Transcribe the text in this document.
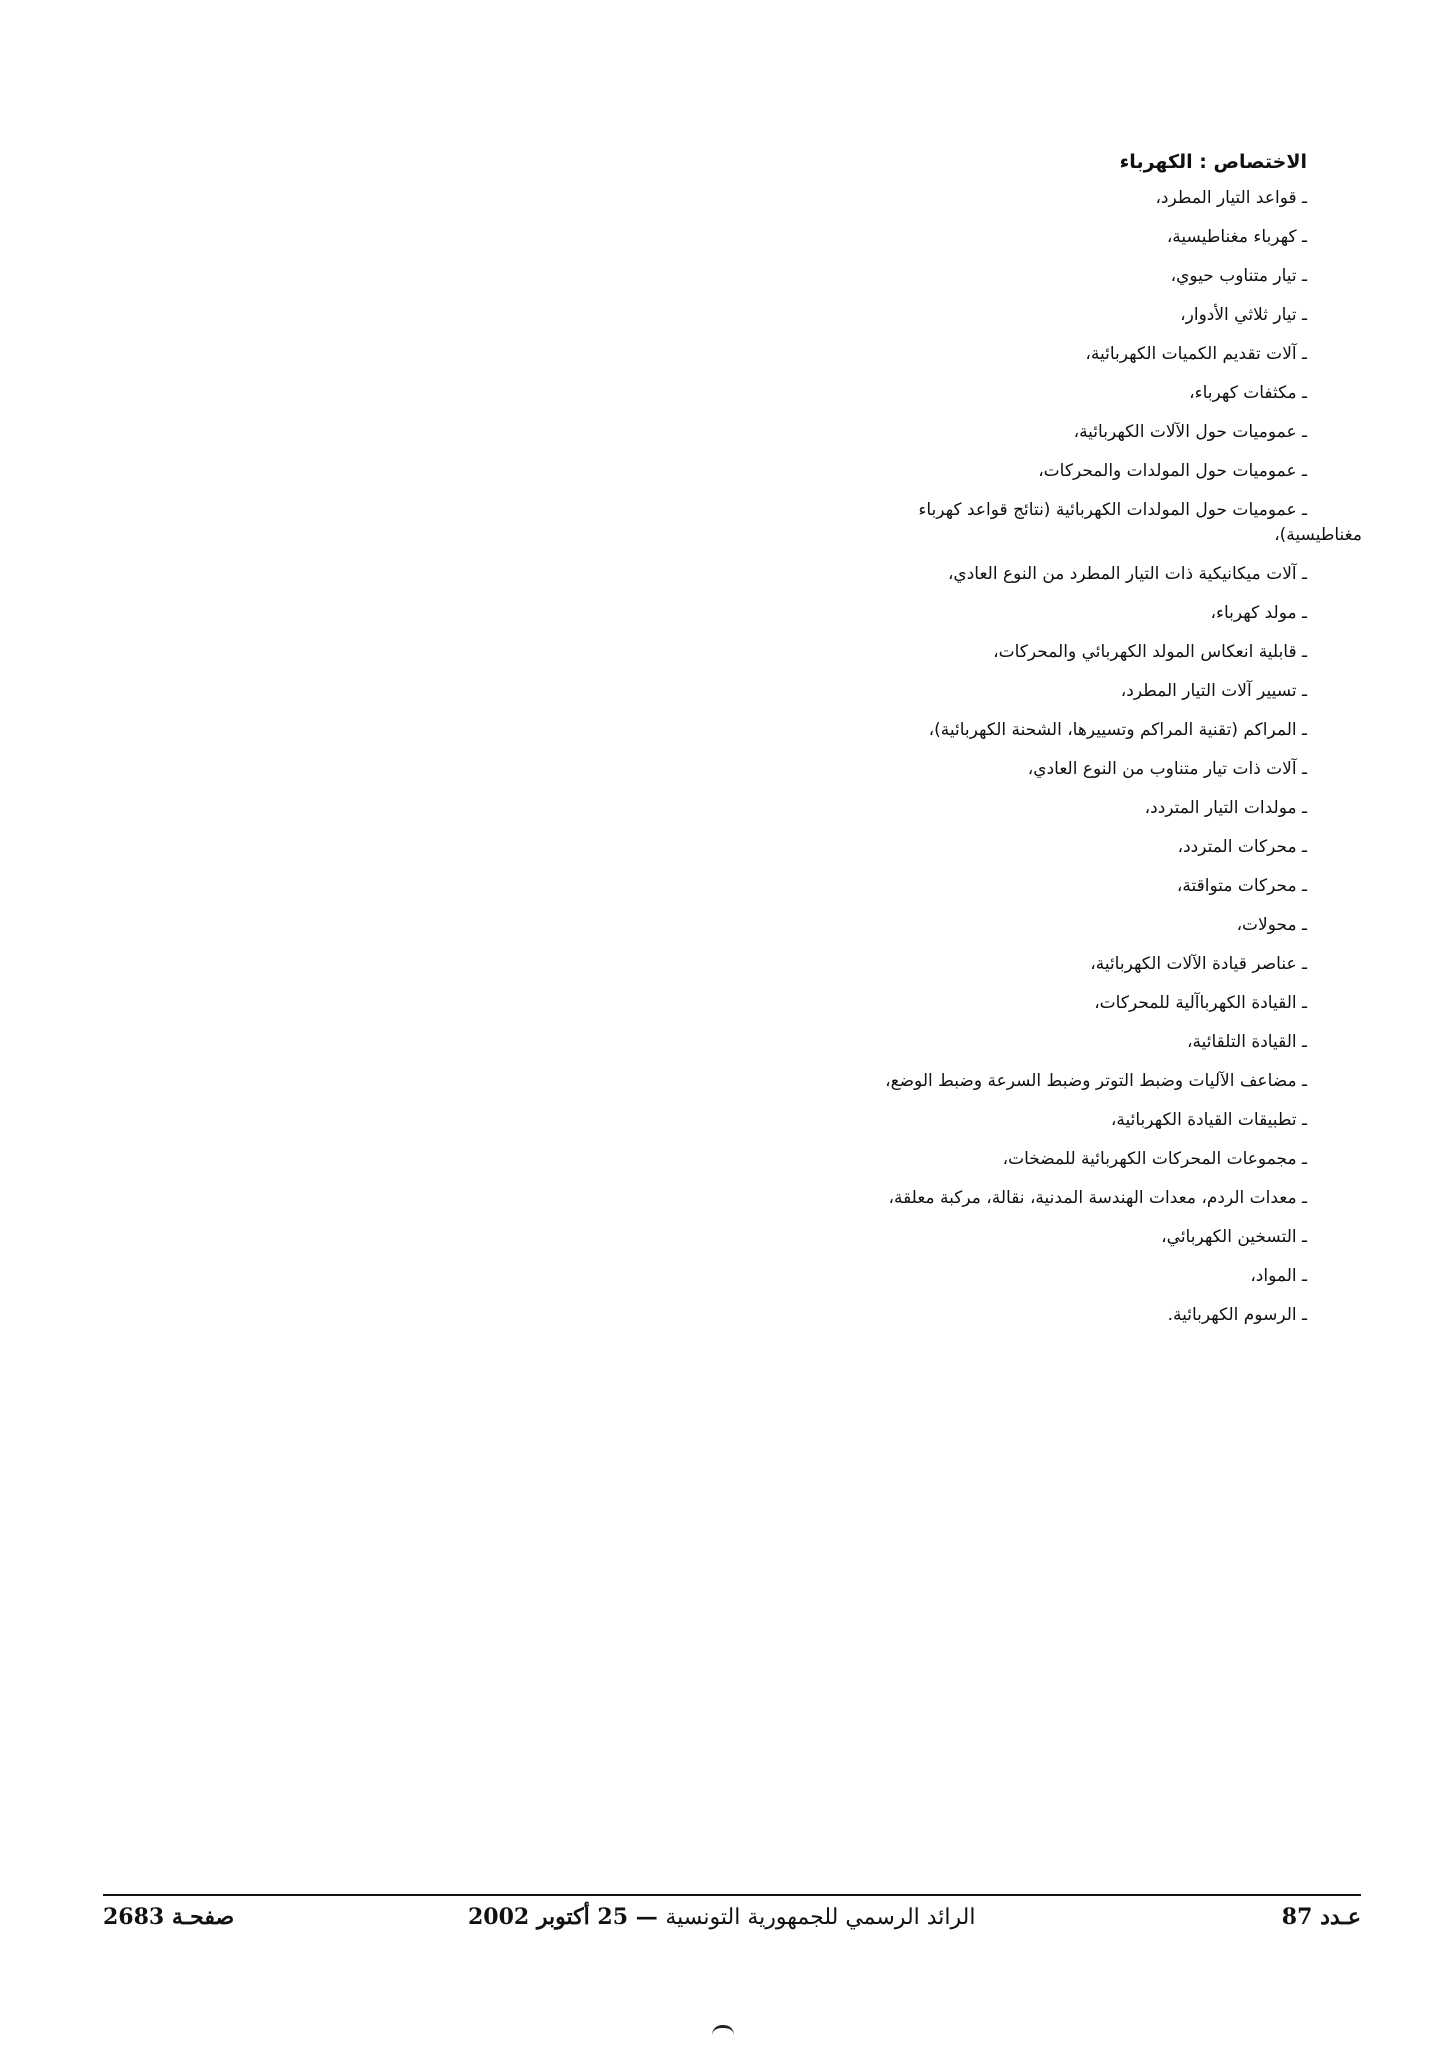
الاختصاص : الكهرباء
ـ قواعد التيار المطرد،
ـ كهرباء مغناطيسية،
ـ تيار متناوب حيوي،
ـ تيار ثلاثي الأدوار،
ـ آلات تقديم الكميات الكهربائية،
ـ مكثفات كهرباء،
ـ عموميات حول الآلات الكهربائية،
ـ عموميات حول المولدات والمحركات،
ـ عموميات حول المولدات الكهربائية (نتائج قواعد كهرباء
مغناطيسية)،
ـ آلات ميكانيكية ذات التيار المطرد من النوع العادي،
ـ مولد كهرباء،
ـ قابلية انعكاس المولد الكهربائي والمحركات،
ـ تسيير آلات التيار المطرد،
ـ المراكم (تقنية المراكم وتسييرها، الشحنة الكهربائية)،
ـ آلات ذات تيار متناوب من النوع العادي،
ـ مولدات التيار المتردد،
ـ محركات المتردد،
ـ محركات متواقتة،
ـ محولات،
ـ عناصر قيادة الآلات الكهربائية،
ـ القيادة الكهرباآلية للمحركات،
ـ القيادة التلقائية،
ـ مضاعف الآليات وضبط التوتر وضبط السرعة وضبط الوضع،
ـ تطبيقات القيادة الكهربائية،
ـ مجموعات المحركات الكهربائية للمضخات،
ـ معدات الردم، معدات الهندسة المدنية، نقالة، مركبة معلقة،
ـ التسخين الكهربائي،
ـ المواد،
ـ الرسوم الكهربائية.
عـدد 87
الرائد الرسمي للجمهورية التونسية — 25 أكتوبر 2002
صفحـة 2683
